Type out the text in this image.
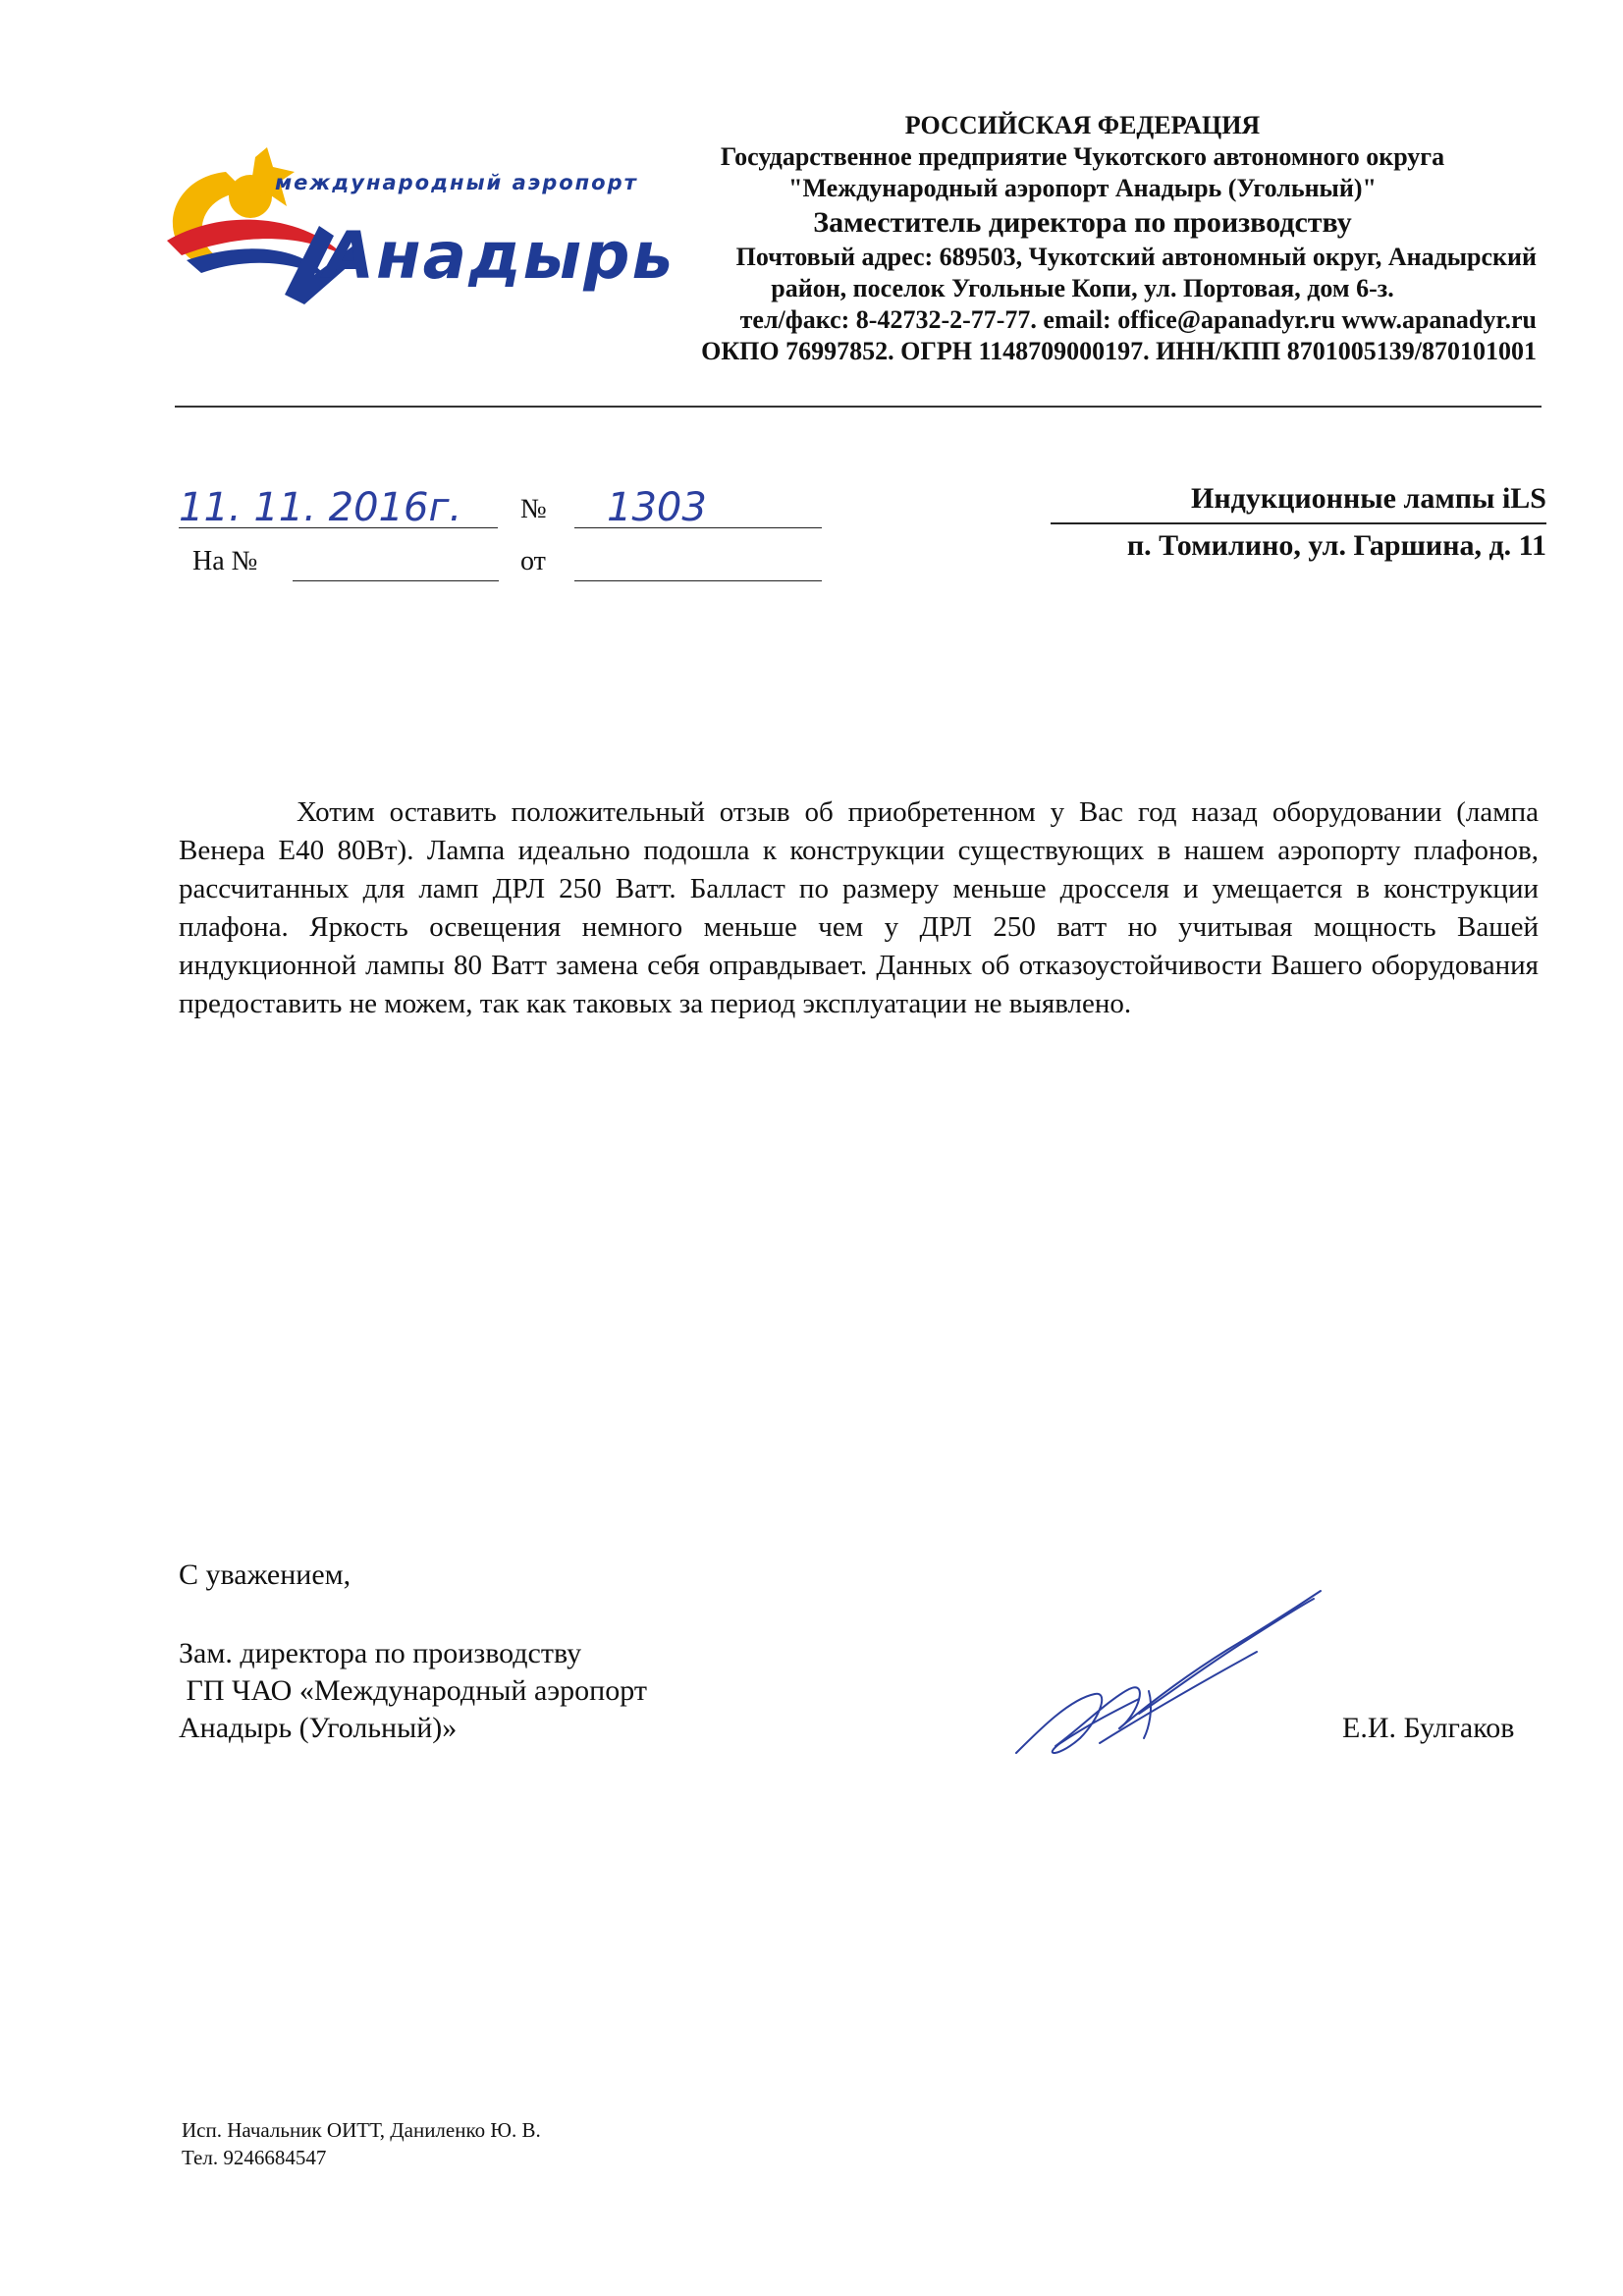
международный аэропорт
Анадырь
РОССИЙСКАЯ ФЕДЕРАЦИЯ
Государственное предприятие Чукотского автономного округа
"Международный аэропорт Анадырь (Угольный)"
Заместитель директора по производству
Почтовый адрес: 689503, Чукотский автономный округ, Анадырский
район, поселок Угольные Копи, ул. Портовая, дом 6-з.
тел/факс: 8-42732-2-77-77. email: office@apanadyr.ru www.apanadyr.ru
ОКПО 76997852. ОГРН 1148709000197. ИНН/КПП 8701005139/870101001
11. 11. 2016г. № 1303
На №	от
Индукционные лампы iLS
п. Томилино, ул. Гаршина, д. 11
Хотим оставить положительный отзыв об приобретенном у Вас год назад оборудовании (лампа Венера Е40 80Вт). Лампа идеально подошла к конструкции существующих в нашем аэропорту плафонов, рассчитанных для ламп ДРЛ 250 Ватт. Балласт по размеру меньше дросселя и умещается в конструкции плафона. Яркость освещения немного меньше чем у ДРЛ 250 ватт но учитывая мощность Вашей индукционной лампы 80 Ватт замена себя оправдывает. Данных об отказоустойчивости Вашего оборудования предоставить не можем, так как таковых за период эксплуатации не выявлено.
С уважением,
Зам. директора по производству
ГП ЧАО «Международный аэропорт
Анадырь (Угольный)»	Е.И. Булгаков
Исп. Начальник ОИТТ, Даниленко Ю. В.
Тел. 9246684547
